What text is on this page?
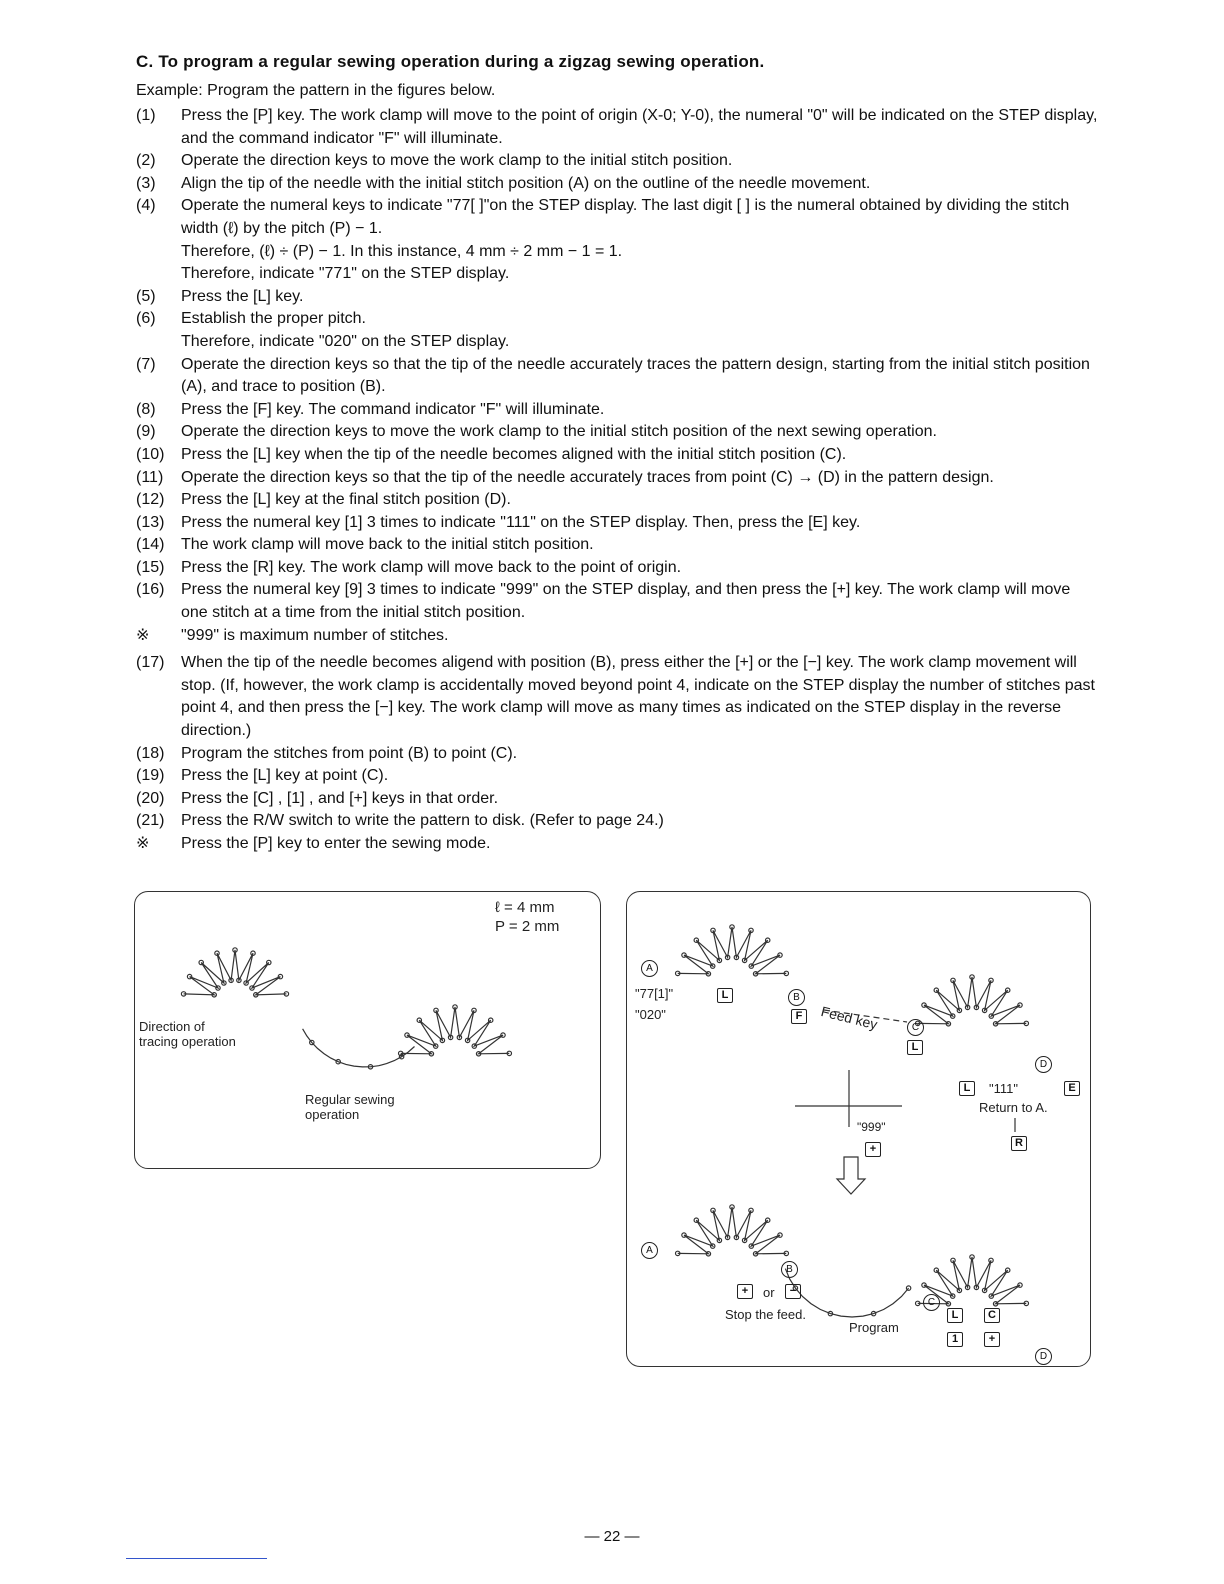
C. To program a regular sewing operation during a zigzag sewing operation.
Example: Program the pattern in the figures below.
(1)	Press the [P] key. The work clamp will move to the point of origin (X-0; Y-0), the numeral "0" will be indicated on the STEP display, and the command indicator "F" will illuminate.
(2)	Operate the direction keys to move the work clamp to the initial stitch position.
(3)	Align the tip of the needle with the initial stitch position (A) on the outline of the needle movement.
(4)	Operate the numeral keys to indicate "77[ ]"on the STEP display. The last digit [ ] is the numeral obtained by dividing the stitch width (ℓ) by the pitch (P) − 1.
Therefore, (ℓ) ÷ (P) − 1. In this instance, 4 mm ÷ 2 mm − 1 = 1.
Therefore, indicate "771" on the STEP display.
(5)	Press the [L] key.
(6)	Establish the proper pitch.
Therefore, indicate "020" on the STEP display.
(7)	Operate the direction keys so that the tip of the needle accurately traces the pattern design, starting from the initial stitch position (A), and trace to position (B).
(8)	Press the [F] key. The command indicator "F" will illuminate.
(9)	Operate the direction keys to move the work clamp to the initial stitch position of the next sewing operation.
(10)	Press the [L] key when the tip of the needle becomes aligned with the initial stitch position (C).
(11)	Operate the direction keys so that the tip of the needle accurately traces from point (C) → (D) in the pattern design.
(12)	Press the [L] key at the final stitch position (D).
(13)	Press the numeral key [1] 3 times to indicate "111" on the STEP display. Then, press the [E] key.
(14)	The work clamp will move back to the initial stitch position.
(15)	Press the [R] key. The work clamp will move back to the point of origin.
(16)	Press the numeral key [9] 3 times to indicate "999" on the STEP display, and then press the [+] key. The work clamp will move one stitch at a time from the initial stitch position.
※	"999" is maximum number of stitches.
(17)	When the tip of the needle becomes aligend with position (B), press either the [+] or the [−] key. The work clamp movement will stop. (If, however, the work clamp is accidentally moved beyond point 4, indicate on the STEP display the number of stitches past point 4, and then press the [−] key. The work clamp will move as many times as indicated on the STEP display in the reverse direction.)
(18)	Program the stitches from point (B) to point (C).
(19)	Press the [L] key at point (C).
(20)	Press the [C] , [1] , and [+] keys in that order.
(21)	Press the R/W switch to write the pattern to disk. (Refer to page 24.)
※	Press the [P] key to enter the sewing mode.
ℓ = 4 mm
P = 2 mm
Direction of
tracing operation
Regular sewing
operation
A
"77[1]"	L
"020"
B
F	Feed key	C
L
D
L	"111"	E
Return to A.
R
"999"
+
A
B
+	or	−
Stop the feed.
Program
C
L	C
1	+
D
— 22 —
